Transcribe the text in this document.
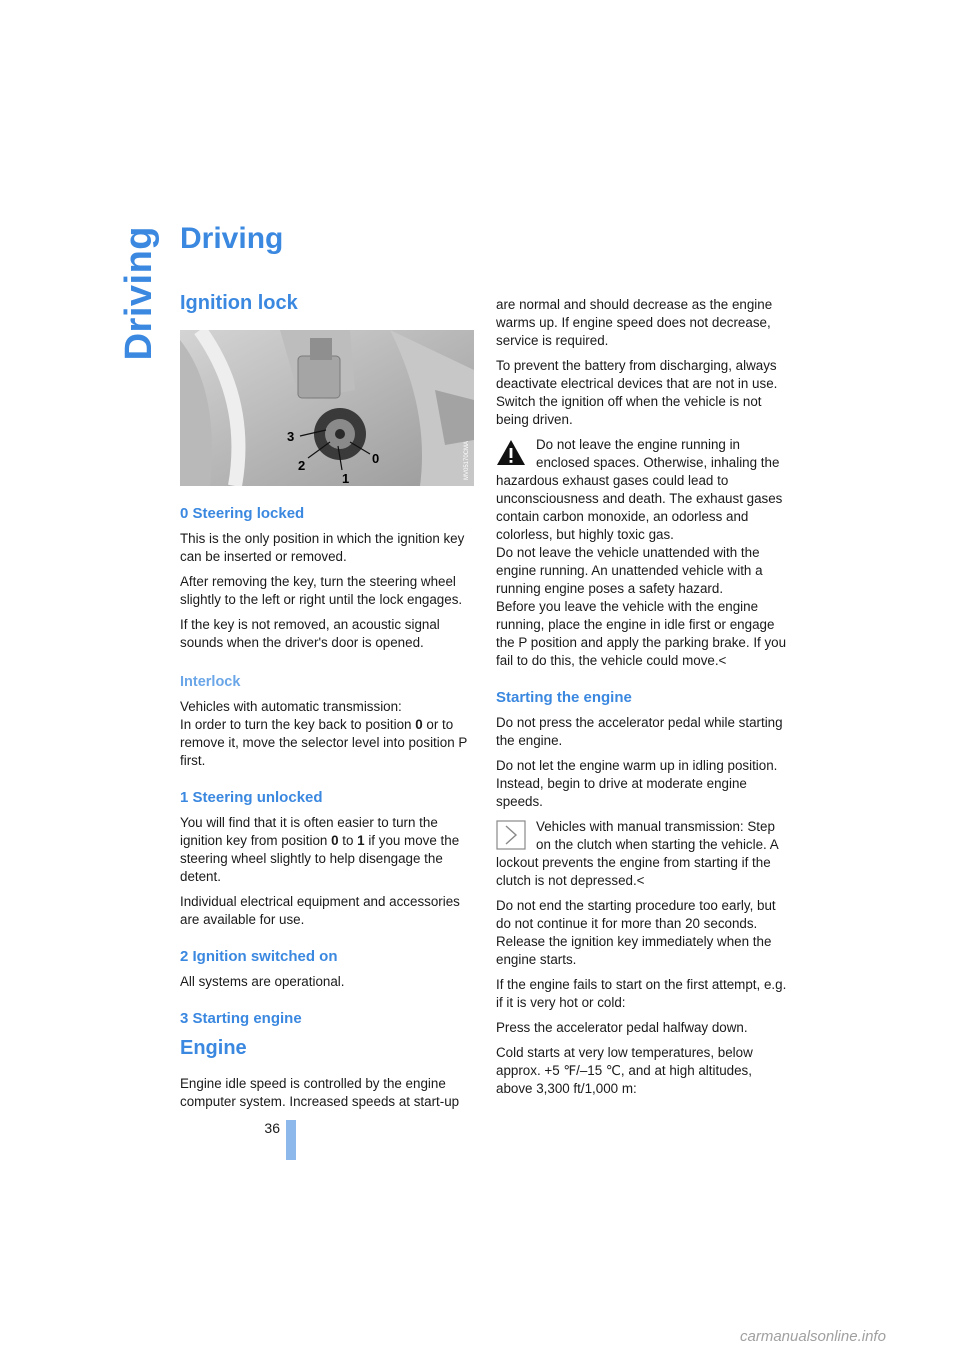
Driving Driving
Ignition lock
3
2
1
0	MV05170CMA
0 Steering locked

This is the only position in which the ignition key can be inserted or removed.

After removing the key, turn the steering wheel slightly to the left or right until the lock engages.

If the key is not removed, an acoustic signal sounds when the driver's door is opened.

Interlock

Vehicles with automatic transmission:
In order to turn the key back to position 0 or to remove it, move the selector level into position P first.

1 Steering unlocked

You will find that it is often easier to turn the ignition key from position 0 to 1 if you move the steering wheel slightly to help disengage the detent.

Individual electrical equipment and accessories are available for use.

2 Ignition switched on

All systems are operational.

3 Starting engine
Engine

Engine idle speed is controlled by the engine computer system. Increased speeds at start-up

are normal and should decrease as the engine warms up. If engine speed does not decrease, service is required.

To prevent the battery from discharging, always deactivate electrical devices that are not in use. Switch the ignition off when the vehicle is not being driven.

Do not leave the engine running in enclosed spaces. Otherwise, inhaling the hazardous exhaust gases could lead to unconsciousness and death. The exhaust gases contain carbon monoxide, an odorless and colorless, but highly toxic gas.

Do not leave the vehicle unattended with the engine running. An unattended vehicle with a running engine poses a safety hazard.

Before you leave the vehicle with the engine running, place the engine in idle first or engage the P position and apply the parking brake. If you fail to do this, the vehicle could move.<

Starting the engine

Do not press the accelerator pedal while starting the engine.

Do not let the engine warm up in idling position. Instead, begin to drive at moderate engine speeds.

Vehicles with manual transmission: Step on the clutch when starting the vehicle. A lockout prevents the engine from starting if the clutch is not depressed.<

Do not end the starting procedure too early, but do not continue it for more than 20 seconds. Release the ignition key immediately when the engine starts.

If the engine fails to start on the first attempt, e.g. if it is very hot or cold:

Press the accelerator pedal halfway down.

Cold starts at very low temperatures, below approx. +5 ℉/–15 ℃, and at high altitudes, above 3,300 ft/1,000 m:

36
carmanualsonline.info
